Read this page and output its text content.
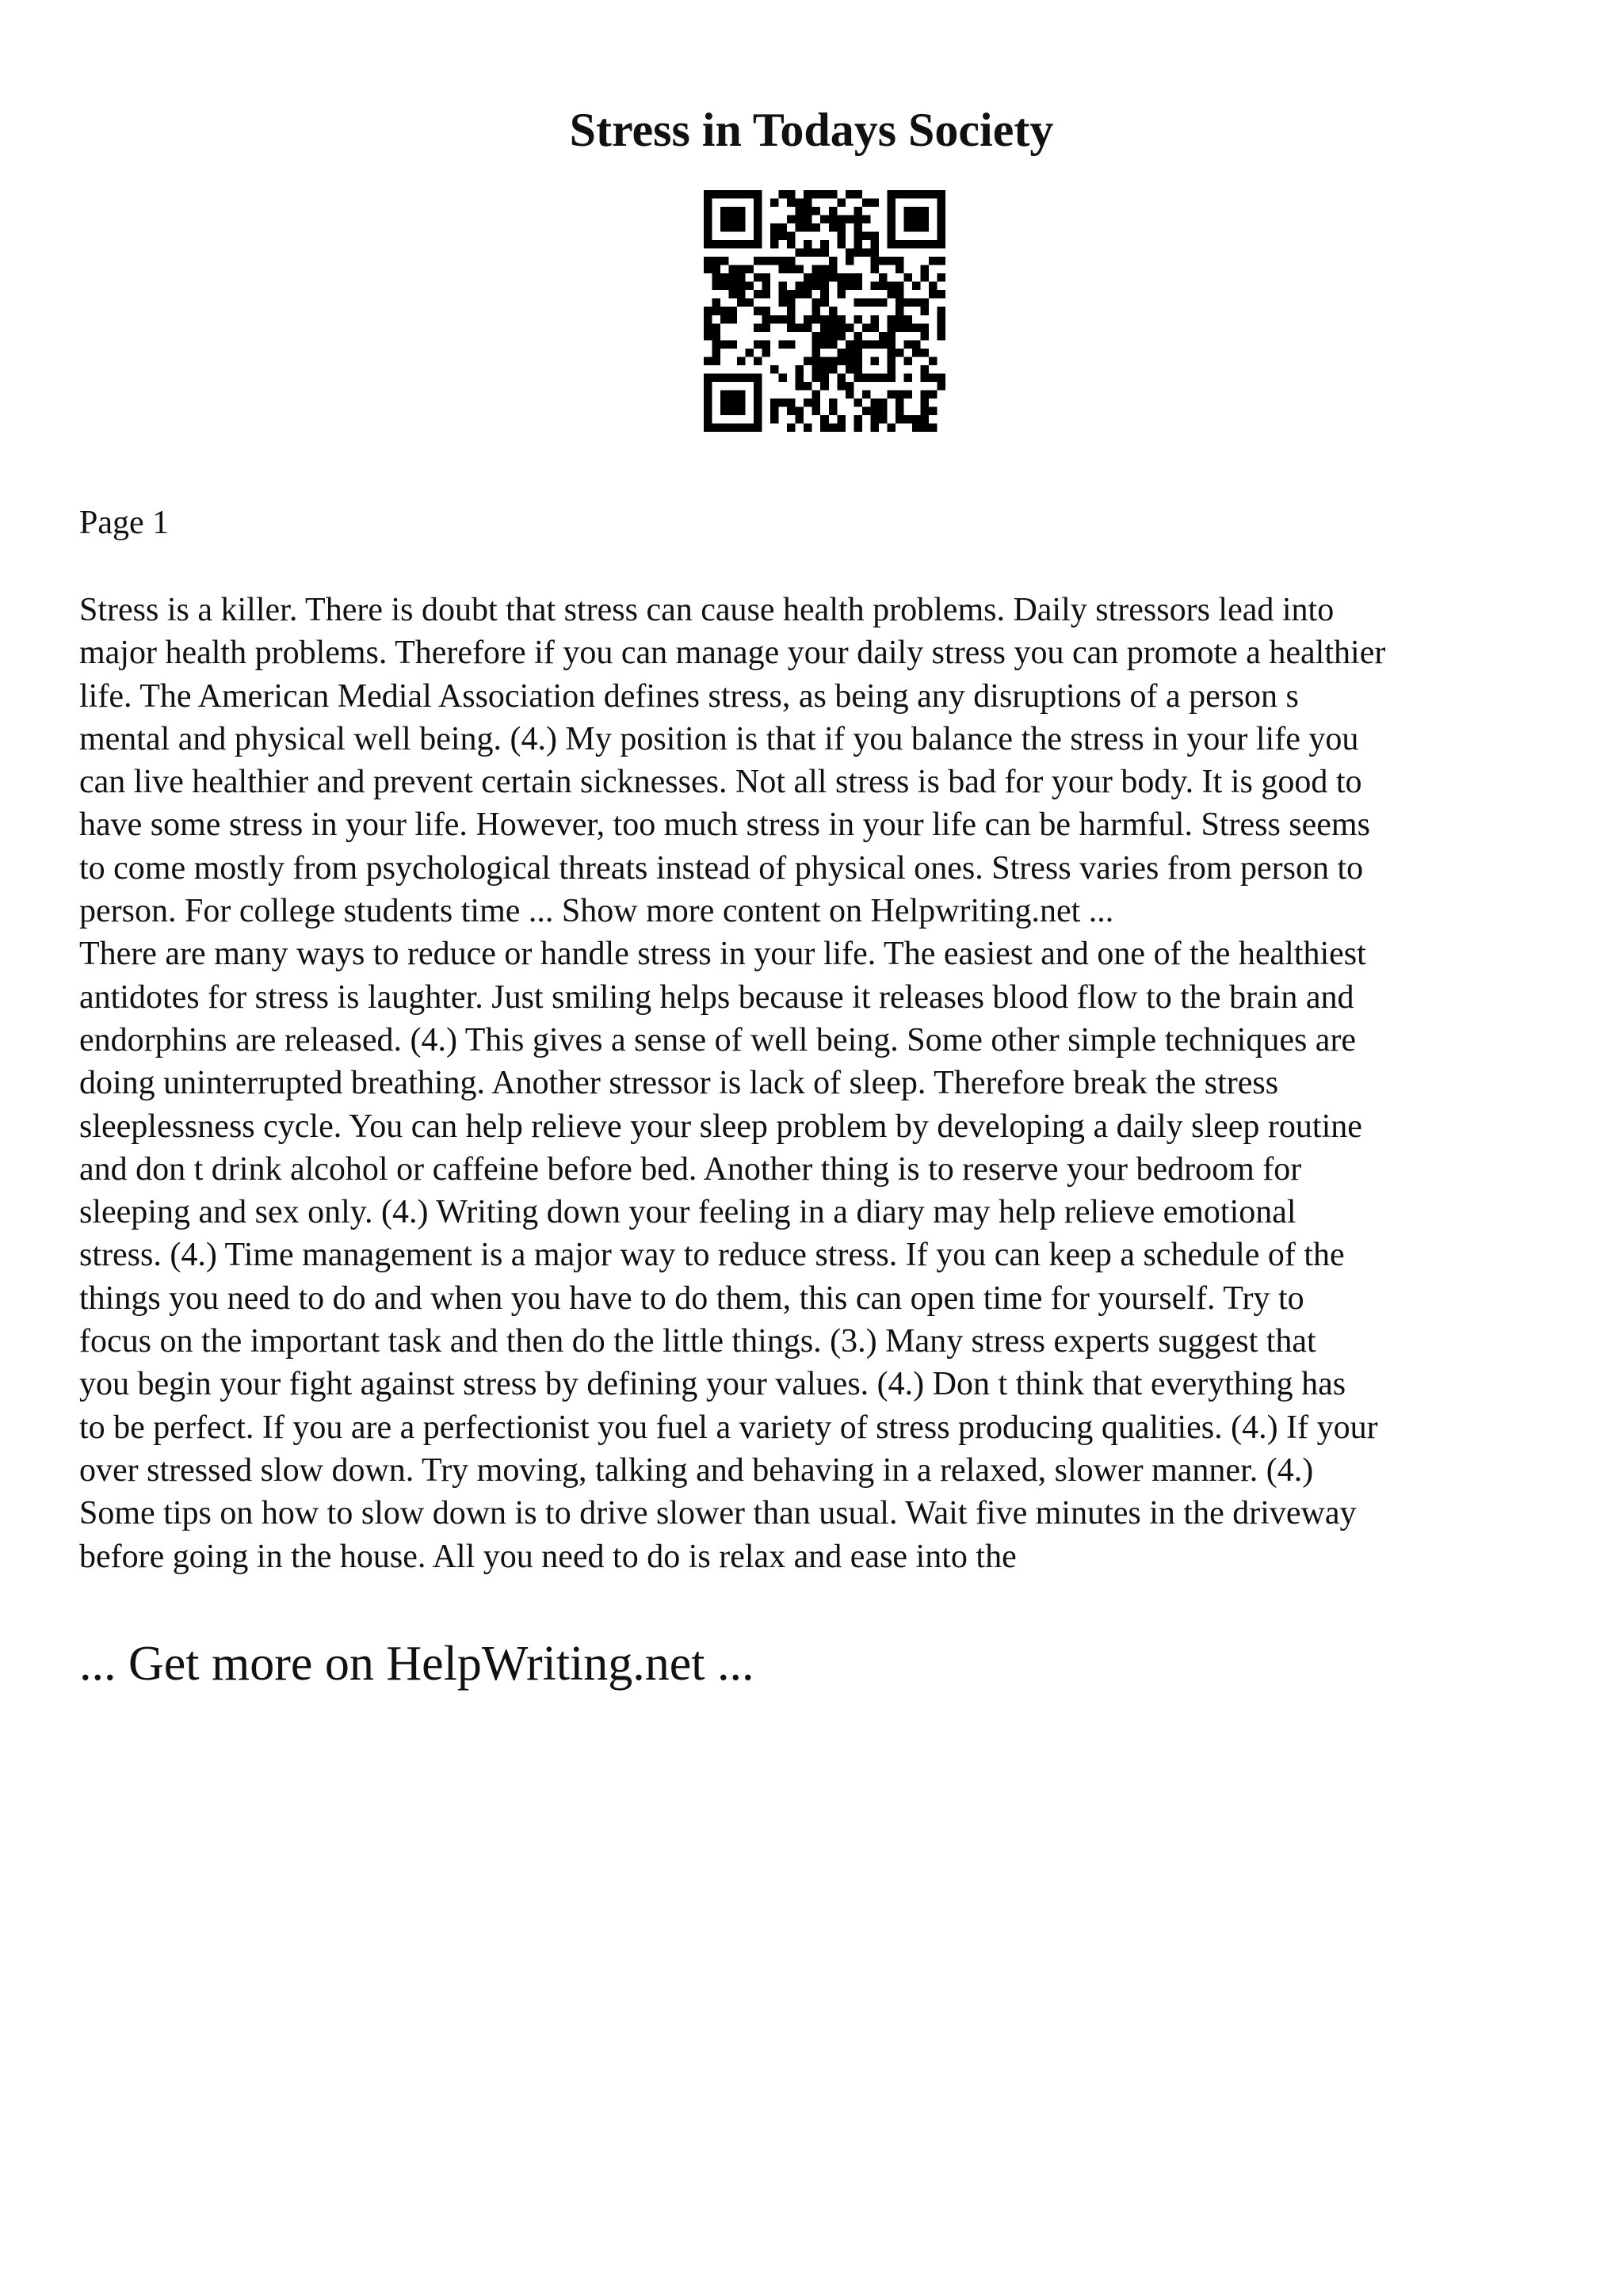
Stress in Todays Society

Page 1

Stress is a killer. There is doubt that stress can cause health problems. Daily stressors lead into
major health problems. Therefore if you can manage your daily stress you can promote a healthier
life. The American Medial Association defines stress, as being any disruptions of a person s
mental and physical well being. (4.) My position is that if you balance the stress in your life you
can live healthier and prevent certain sicknesses. Not all stress is bad for your body. It is good to
have some stress in your life. However, too much stress in your life can be harmful. Stress seems
to come mostly from psychological threats instead of physical ones. Stress varies from person to
person. For college students time ... Show more content on Helpwriting.net ...
There are many ways to reduce or handle stress in your life. The easiest and one of the healthiest
antidotes for stress is laughter. Just smiling helps because it releases blood flow to the brain and
endorphins are released. (4.) This gives a sense of well being. Some other simple techniques are
doing uninterrupted breathing. Another stressor is lack of sleep. Therefore break the stress
sleeplessness cycle. You can help relieve your sleep problem by developing a daily sleep routine
and don t drink alcohol or caffeine before bed. Another thing is to reserve your bedroom for
sleeping and sex only. (4.) Writing down your feeling in a diary may help relieve emotional
stress. (4.) Time management is a major way to reduce stress. If you can keep a schedule of the
things you need to do and when you have to do them, this can open time for yourself. Try to
focus on the important task and then do the little things. (3.) Many stress experts suggest that
you begin your fight against stress by defining your values. (4.) Don t think that everything has
to be perfect. If you are a perfectionist you fuel a variety of stress producing qualities. (4.) If your
over stressed slow down. Try moving, talking and behaving in a relaxed, slower manner. (4.)
Some tips on how to slow down is to drive slower than usual. Wait five minutes in the driveway
before going in the house. All you need to do is relax and ease into the

... Get more on HelpWriting.net ...
